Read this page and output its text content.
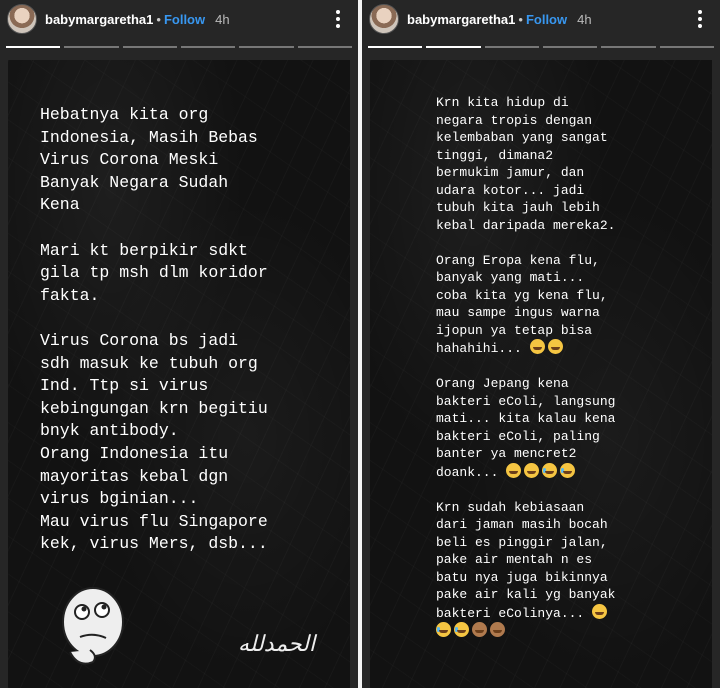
babymargaretha1 • Follow 4h

Hebatnya kita org
Indonesia, Masih Bebas
Virus Corona Meski
Banyak Negara Sudah
Kena

Mari kt berpikir sdkt
gila tp msh dlm koridor
fakta.

Virus Corona bs jadi
sdh masuk ke tubuh org
Ind. Ttp si virus
kebingungan krn begitiu
bnyk antibody.

Orang Indonesia itu
mayoritas kebal dgn
virus bginian...
Mau virus flu Singapore
kek, virus Mers, dsb...

الحمدلله
babymargaretha1 • Follow 4h

Krn kita hidup di
negara tropis dengan
kelembaban yang sangat
tinggi, dimana2
bermukim jamur, dan
udara kotor... jadi
tubuh kita jauh lebih
kebal daripada mereka2.

Orang Eropa kena flu,
banyak yang mati...
coba kita yg kena flu,
mau sampe ingus warna
ijopun ya tetap bisa
hahahihi...

Orang Jepang kena
bakteri eColi, langsung
mati... kita kalau kena
bakteri eColi, paling
banter ya mencret2
doank...

Krn sudah kebiasaan
dari jaman masih bocah
beli es pinggir jalan,
pake air mentah n es
batu nya juga bikinnya
pake air kali yg banyak
bakteri eColinya...
